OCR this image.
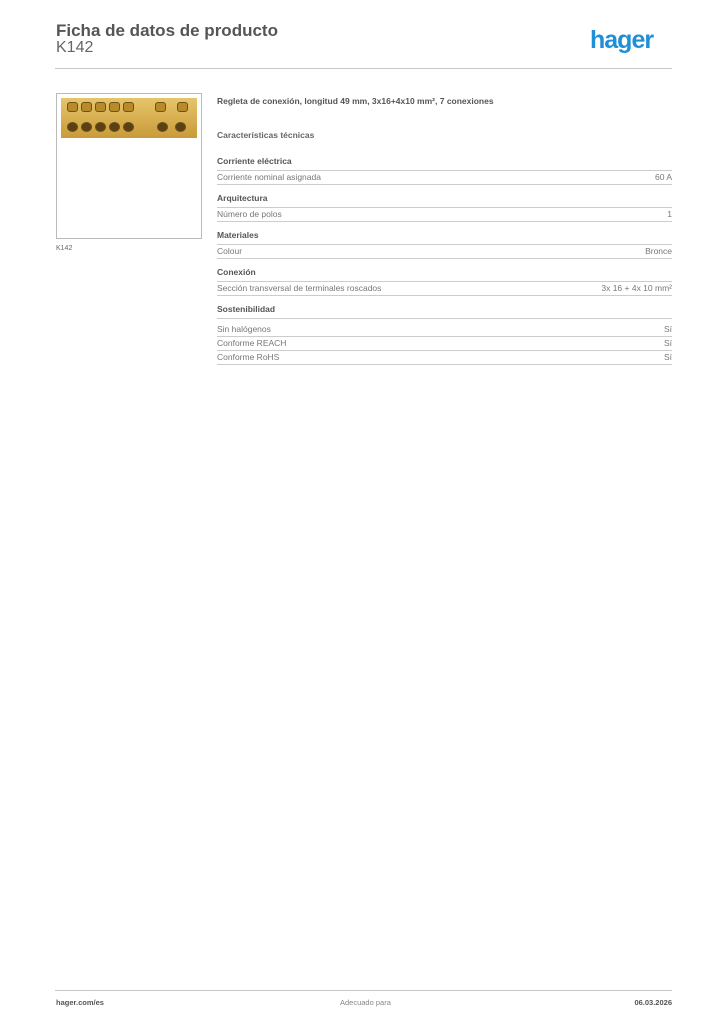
Ficha de datos de producto
K142	hager
K142
Regleta de conexión, longitud 49 mm, 3x16+4x10 mm², 7 conexiones
Características técnicas
Corriente eléctrica
Corriente nominal asignada	60 A
Arquitectura
Número de polos	1
Materiales
Colour	Bronce
Conexión
Sección transversal de terminales roscados	3x 16 + 4x 10 mm²
Sostenibilidad
Sin halógenos	Sí
Conforme REACH	Sí
Conforme RoHS	Sí
hager.com/es	Adecuado para	06.03.2026
